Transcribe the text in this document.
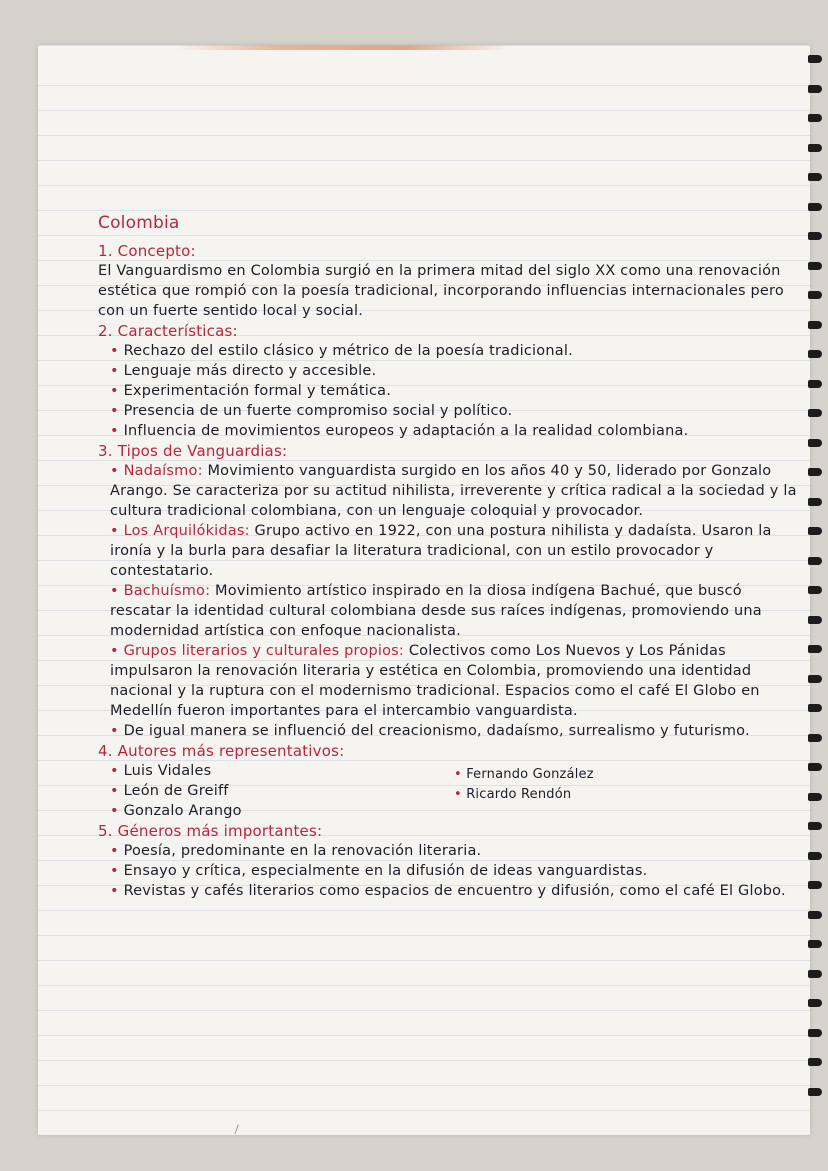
Colombia
1. Concepto:

El Vanguardismo en Colombia surgió en la primera mitad del siglo XX como una renovación estética que rompió con la poesía tradicional, incorporando influencias internacionales pero con un fuerte sentido local y social.

2. Características:

• Rechazo del estilo clásico y métrico de la poesía tradicional.

• Lenguaje más directo y accesible.

• Experimentación formal y temática.

• Presencia de un fuerte compromiso social y político.

• Influencia de movimientos europeos y adaptación a la realidad colombiana.

3. Tipos de Vanguardias:

• Nadaísmo: Movimiento vanguardista surgido en los años 40 y 50, liderado por Gonzalo Arango. Se caracteriza por su actitud nihilista, irreverente y crítica radical a la sociedad y la cultura tradicional colombiana, con un lenguaje coloquial y provocador.

• Los Arquilókidas: Grupo activo en 1922, con una postura nihilista y dadaísta. Usaron la ironía y la burla para desafiar la literatura tradicional, con un estilo provocador y contestatario.

• Bachuísmo: Movimiento artístico inspirado en la diosa indígena Bachué, que buscó rescatar la identidad cultural colombiana desde sus raíces indígenas, promoviendo una modernidad artística con enfoque nacionalista.

• Grupos literarios y culturales propios: Colectivos como Los Nuevos y Los Pánidas impulsaron la renovación literaria y estética en Colombia, promoviendo una identidad nacional y la ruptura con el modernismo tradicional. Espacios como el café El Globo en Medellín fueron importantes para el intercambio vanguardista.

• De igual manera se influenció del creacionismo, dadaísmo, surrealismo y futurismo.

4. Autores más representativos:
• Luis Vidales
• León de Greiff
• Gonzalo Arango
• Fernando González
• Ricardo Rendón
5. Géneros más importantes:

• Poesía, predominante en la renovación literaria.

• Ensayo y crítica, especialmente en la difusión de ideas vanguardistas.

• Revistas y cafés literarios como espacios de encuentro y difusión, como el café El Globo.
